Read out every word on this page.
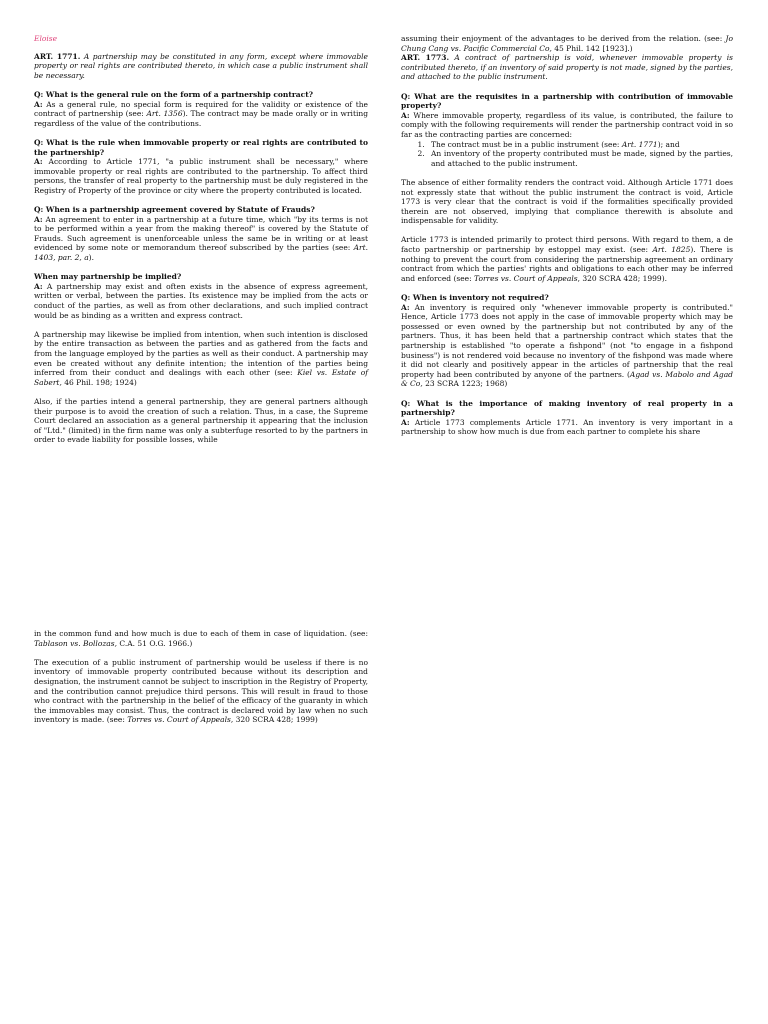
Eloise

ART. 1771. A partnership may be constituted in any form, except where immovable property or real rights are contributed thereto, in which case a public instrument shall be necessary.

Q: What is the general rule on the form of a partnership contract?
A: As a general rule, no special form is required for the validity or existence of the contract of partnership (see: Art. 1356). The contract may be made orally or in writing regardless of the value of the contributions.

Q: What is the rule when immovable property or real rights are contributed to the partnership?
A: According to Article 1771, "a public instrument shall be necessary," where immovable property or real rights are contributed to the partnership. To affect third persons, the transfer of real property to the partnership must be duly registered in the Registry of Property of the province or city where the property contributed is located.

Q: When is a partnership agreement covered by Statute of Frauds?
A: An agreement to enter in a partnership at a future time, which "by its terms is not to be performed within a year from the making thereof" is covered by the Statute of Frauds. Such agreement is unenforceable unless the same be in writing or at least evidenced by some note or memorandum thereof subscribed by the parties (see: Art. 1403, par. 2, a).

When may partnership be implied?
A: A partnership may exist and often exists in the absence of express agreement, written or verbal, between the parties. Its existence may be implied from the acts or conduct of the parties, as well as from other declarations, and such implied contract would be as binding as a written and express contract.

A partnership may likewise be implied from intention, when such intention is disclosed by the entire transaction as between the parties and as gathered from the facts and from the language employed by the parties as well as their conduct. A partnership may even be created without any definite intention; the intention of the parties being inferred from their conduct and dealings with each other (see: Kiel vs. Estate of Sabert, 46 Phil. 198; 1924)

Also, if the parties intend a general partnership, they are general partners although their purpose is to avoid the creation of such a relation. Thus, in a case, the Supreme Court declared an association as a general partnership it appearing that the inclusion of "Ltd." (limited) in the firm name was only a subterfuge resorted to by the partners in order to evade liability for possible losses, while

assuming their enjoyment of the advantages to be derived from the relation. (see: Jo Chung Cang vs. Pacific Commercial Co, 45 Phil. 142 [1923].)

ART. 1773. A contract of partnership is void, whenever immovable property is contributed thereto, if an inventory of said property is not made, signed by the parties, and attached to the public instrument.

Q: What are the requisites in a partnership with contribution of immovable property?
A: Where immovable property, regardless of its value, is contributed, the failure to comply with the following requirements will render the partnership contract void in so far as the contracting parties are concerned:

1. The contract must be in a public instrument (see: Art. 1771); and
2. An inventory of the property contributed must be made, signed by the parties, and attached to the public instrument.

The absence of either formality renders the contract void. Although Article 1771 does not expressly state that without the public instrument the contract is void, Article 1773 is very clear that the contract is void if the formalities specifically provided therein are not observed, implying that compliance therewith is absolute and indispensable for validity.

Article 1773 is intended primarily to protect third persons. With regard to them, a de facto partnership or partnership by estoppel may exist. (see: Art. 1825). There is nothing to prevent the court from considering the partnership agreement an ordinary contract from which the parties' rights and obligations to each other may be inferred and enforced (see: Torres vs. Court of Appeals, 320 SCRA 428; 1999).

Q: When is inventory not required?
A: An inventory is required only "whenever immovable property is contributed." Hence, Article 1773 does not apply in the case of immovable property which may be possessed or even owned by the partnership but not contributed by any of the partners. Thus, it has been held that a partnership contract which states that the partnership is established "to operate a fishpond" (not "to engage in a fishpond business") is not rendered void because no inventory of the fishpond was made where it did not clearly and positively appear in the articles of partnership that the real property had been contributed by anyone of the partners. (Agad vs. Mabolo and Agad & Co, 23 SCRA 1223; 1968)

Q: What is the importance of making inventory of real property in a partnership?
A: Article 1773 complements Article 1771. An inventory is very important in a partnership to show how much is due from each partner to complete his share

in the common fund and how much is due to each of them in case of liquidation. (see: Tablason vs. Bollozas, C.A. 51 O.G. 1966.)

The execution of a public instrument of partnership would be useless if there is no inventory of immovable property contributed because without its description and designation, the instrument cannot be subject to inscription in the Registry of Property, and the contribution cannot prejudice third persons. This will result in fraud to those who contract with the partnership in the belief of the efficacy of the guaranty in which the immovables may consist. Thus, the contract is declared void by law when no such inventory is made. (see: Torres vs. Court of Appeals, 320 SCRA 428; 1999)
